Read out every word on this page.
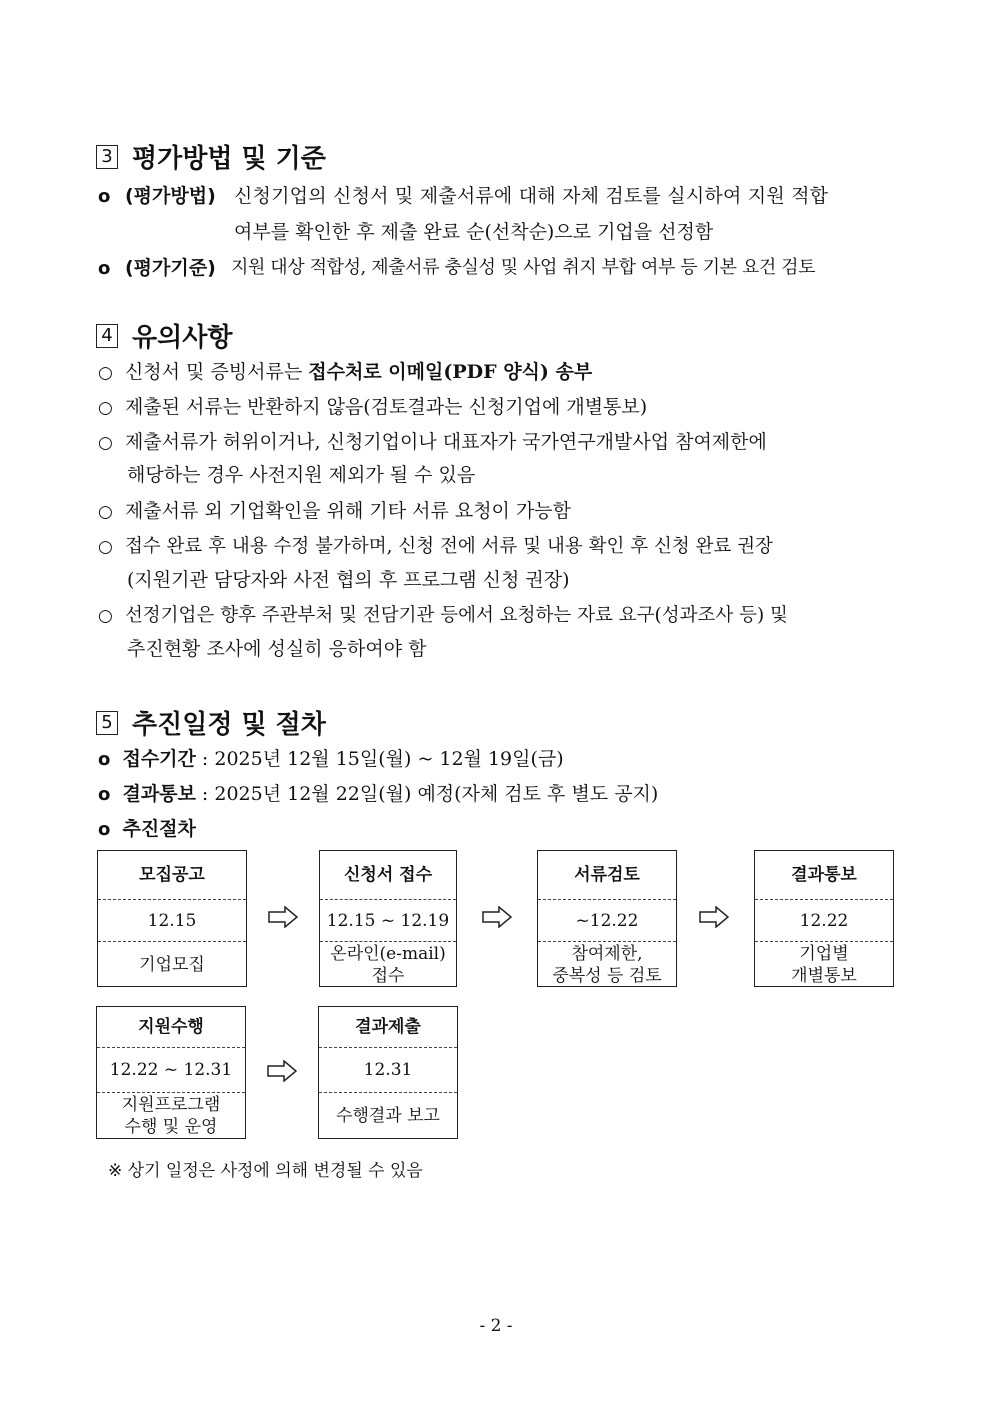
3 평가방법 및 기준
o (평가방법) 신청기업의 신청서 및 제출서류에 대해 자체 검토를 실시하여 지원 적합
여부를 확인한 후 제출 완료 순(선착순)으로 기업을 선정함
o (평가기준) 지원 대상 적합성, 제출서류 충실성 및 사업 취지 부합 여부 등 기본 요건 검토
4 유의사항
○ 신청서 및 증빙서류는 접수처로 이메일(PDF 양식) 송부
○ 제출된 서류는 반환하지 않음(검토결과는 신청기업에 개별통보)
○ 제출서류가 허위이거나, 신청기업이나 대표자가 국가연구개발사업 참여제한에
해당하는 경우 사전지원 제외가 될 수 있음
○ 제출서류 외 기업확인을 위해 기타 서류 요청이 가능함
○ 접수 완료 후 내용 수정 불가하며, 신청 전에 서류 및 내용 확인 후 신청 완료 권장
(지원기관 담당자와 사전 협의 후 프로그램 신청 권장)
○ 선정기업은 향후 주관부처 및 전담기관 등에서 요청하는 자료 요구(성과조사 등) 및
추진현황 조사에 성실히 응하여야 함
5 추진일정 및 절차
o 접수기간 : 2025년 12월 15일(월) ~ 12월 19일(금)
o 결과통보 : 2025년 12월 22일(월) 예정(자체 검토 후 별도 공지)
o 추진절차
모집공고
12.15
기업모집
신청서 접수
12.15 ~ 12.19
온라인(e-mail)
접수
서류검토
~12.22
참여제한,
중복성 등 검토
결과통보
12.22
기업별
개별통보
지원수행
12.22 ~ 12.31
지원프로그램
수행 및 운영
결과제출
12.31
수행결과 보고
※ 상기 일정은 사정에 의해 변경될 수 있음
- 2 -
